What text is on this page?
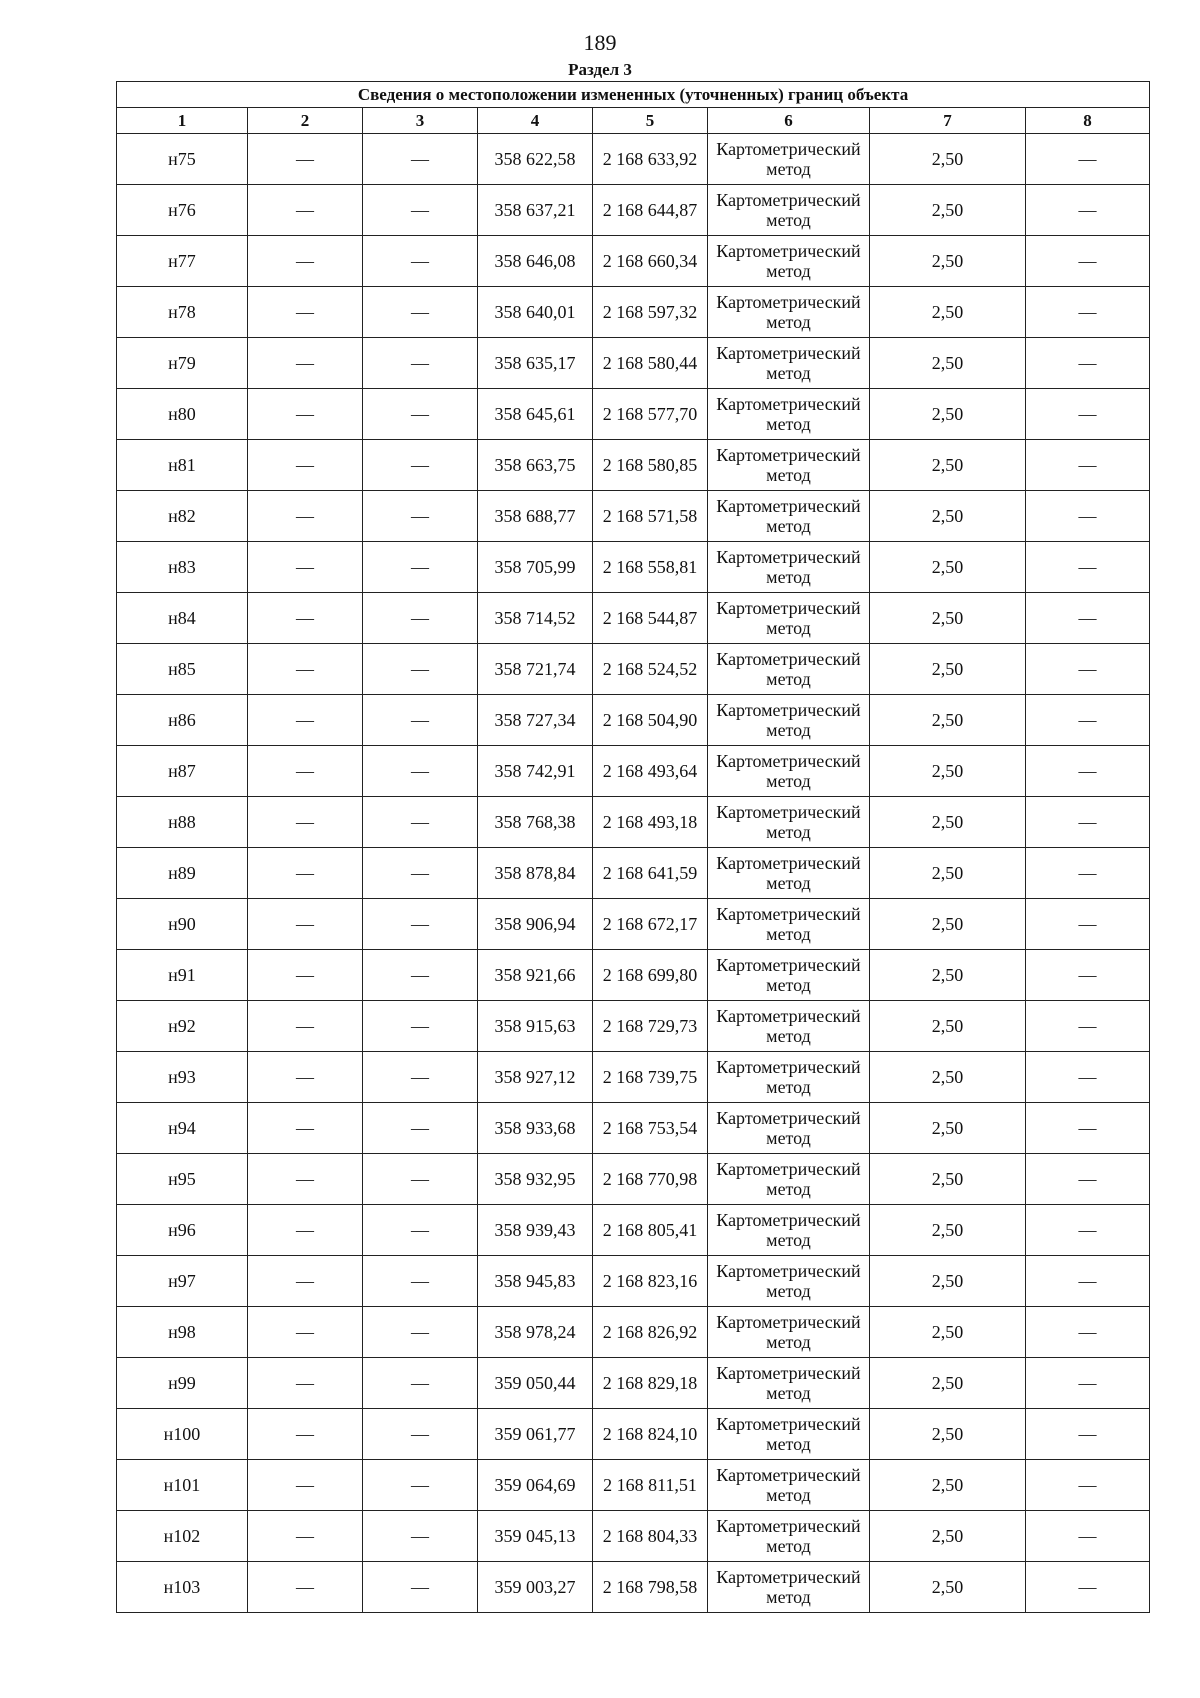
189
Раздел 3
Сведения о местоположении измененных (уточненных) границ объекта							
1	2	3	4	5	6	7	8
н75	—	—	358 622,58	2 168 633,92	Картометрический метод	2,50	—
н76	—	—	358 637,21	2 168 644,87	Картометрический метод	2,50	—
н77	—	—	358 646,08	2 168 660,34	Картометрический метод	2,50	—
н78	—	—	358 640,01	2 168 597,32	Картометрический метод	2,50	—
н79	—	—	358 635,17	2 168 580,44	Картометрический метод	2,50	—
н80	—	—	358 645,61	2 168 577,70	Картометрический метод	2,50	—
н81	—	—	358 663,75	2 168 580,85	Картометрический метод	2,50	—
н82	—	—	358 688,77	2 168 571,58	Картометрический метод	2,50	—
н83	—	—	358 705,99	2 168 558,81	Картометрический метод	2,50	—
н84	—	—	358 714,52	2 168 544,87	Картометрический метод	2,50	—
н85	—	—	358 721,74	2 168 524,52	Картометрический метод	2,50	—
н86	—	—	358 727,34	2 168 504,90	Картометрический метод	2,50	—
н87	—	—	358 742,91	2 168 493,64	Картометрический метод	2,50	—
н88	—	—	358 768,38	2 168 493,18	Картометрический метод	2,50	—
н89	—	—	358 878,84	2 168 641,59	Картометрический метод	2,50	—
н90	—	—	358 906,94	2 168 672,17	Картометрический метод	2,50	—
н91	—	—	358 921,66	2 168 699,80	Картометрический метод	2,50	—
н92	—	—	358 915,63	2 168 729,73	Картометрический метод	2,50	—
н93	—	—	358 927,12	2 168 739,75	Картометрический метод	2,50	—
н94	—	—	358 933,68	2 168 753,54	Картометрический метод	2,50	—
н95	—	—	358 932,95	2 168 770,98	Картометрический метод	2,50	—
н96	—	—	358 939,43	2 168 805,41	Картометрический метод	2,50	—
н97	—	—	358 945,83	2 168 823,16	Картометрический метод	2,50	—
н98	—	—	358 978,24	2 168 826,92	Картометрический метод	2,50	—
н99	—	—	359 050,44	2 168 829,18	Картометрический метод	2,50	—
н100	—	—	359 061,77	2 168 824,10	Картометрический метод	2,50	—
н101	—	—	359 064,69	2 168 811,51	Картометрический метод	2,50	—
н102	—	—	359 045,13	2 168 804,33	Картометрический метод	2,50	—
н103	—	—	359 003,27	2 168 798,58	Картометрический метод	2,50	—
